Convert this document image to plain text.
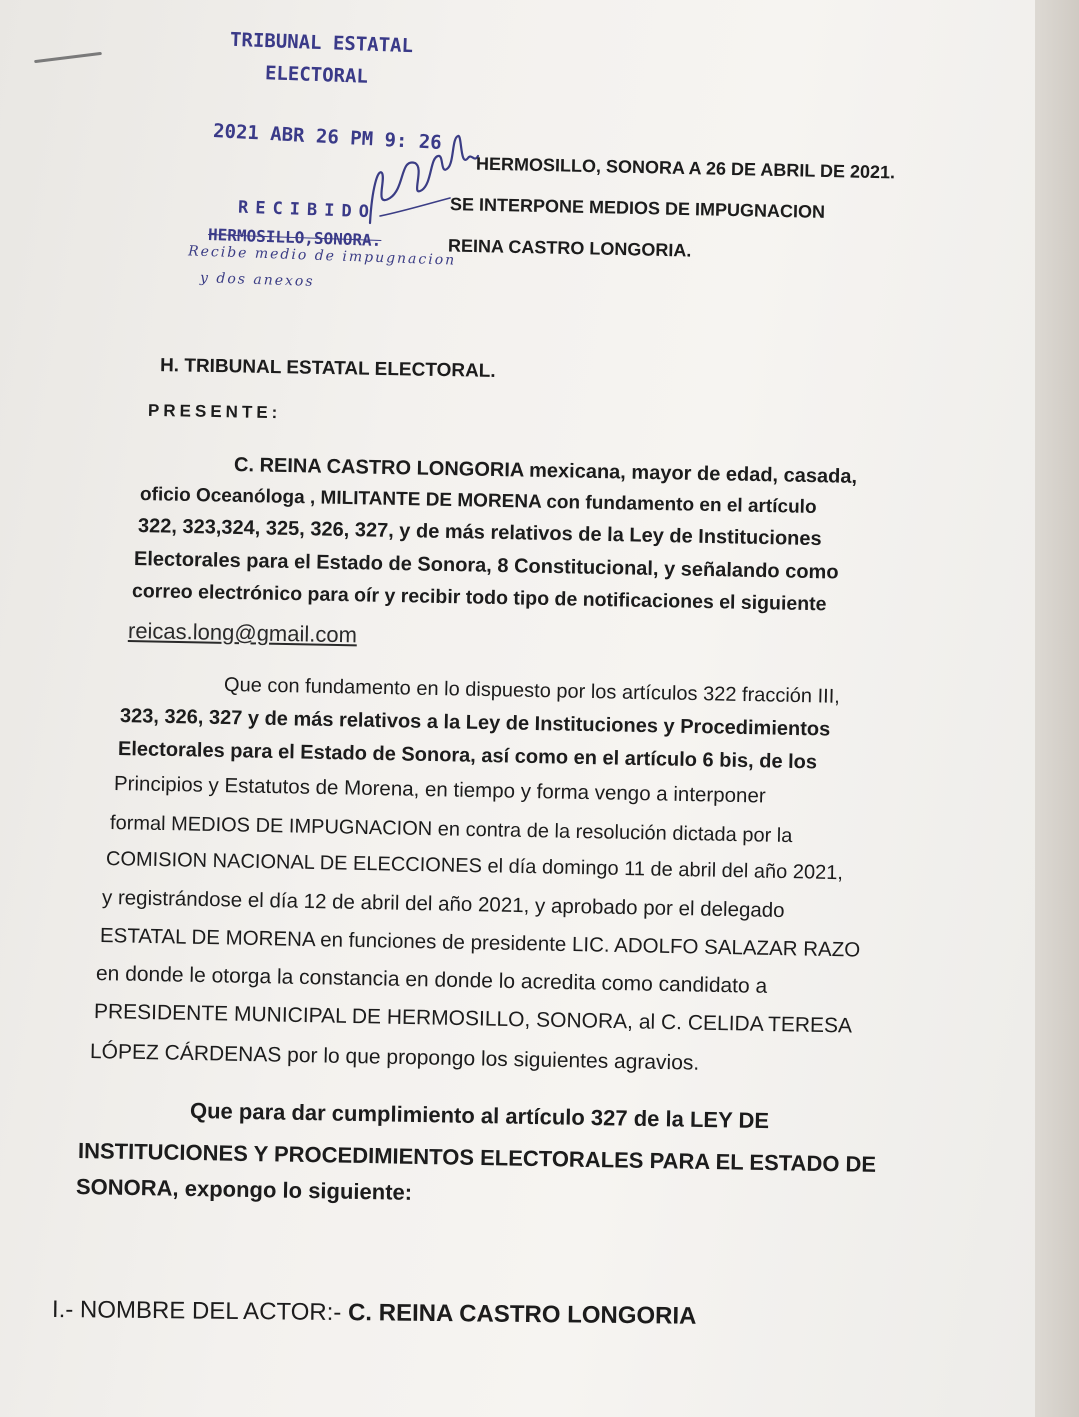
TRIBUNAL ESTATAL
ELECTORAL
2021 ABR 26 PM 9: 26
RECIBIDO
HERMOSILLO,SONORA.
Recibe medio de impugnacion
y dos anexos
HERMOSILLO, SONORA A 26 DE ABRIL DE 2021.
SE INTERPONE MEDIOS DE IMPUGNACION
REINA CASTRO LONGORIA.
H. TRIBUNAL ESTATAL ELECTORAL.
PRESENTE:
C. REINA CASTRO LONGORIA mexicana, mayor de edad, casada,
oficio Oceanóloga , MILITANTE DE MORENA con fundamento en el artículo
322, 323,324, 325, 326, 327, y de más relativos de la Ley de Instituciones
Electorales para el Estado de Sonora, 8 Constitucional, y señalando como
correo electrónico para oír y recibir todo tipo de notificaciones el siguiente
reicas.long@gmail.com
Que con fundamento en lo dispuesto por los artículos 322 fracción III,
323, 326, 327 y de más relativos a la Ley de Instituciones y Procedimientos
Electorales para el Estado de Sonora, así como en el artículo 6 bis, de los
Principios y Estatutos de Morena, en tiempo y forma vengo a interponer
formal MEDIOS DE IMPUGNACION en contra de la resolución dictada por la
COMISION NACIONAL DE ELECCIONES el día domingo 11 de abril del año 2021,
y registrándose el día 12 de abril del año 2021, y aprobado por el delegado
ESTATAL DE MORENA en funciones de presidente LIC. ADOLFO SALAZAR RAZO
en donde le otorga la constancia en donde lo acredita como candidato a
PRESIDENTE MUNICIPAL DE HERMOSILLO, SONORA, al C. CELIDA TERESA
LÓPEZ CÁRDENAS por lo que propongo los siguientes agravios.
Que para dar cumplimiento al artículo 327 de la LEY DE
INSTITUCIONES Y PROCEDIMIENTOS ELECTORALES PARA EL ESTADO DE
SONORA, expongo lo siguiente:
I.- NOMBRE DEL ACTOR:- C. REINA CASTRO LONGORIA
